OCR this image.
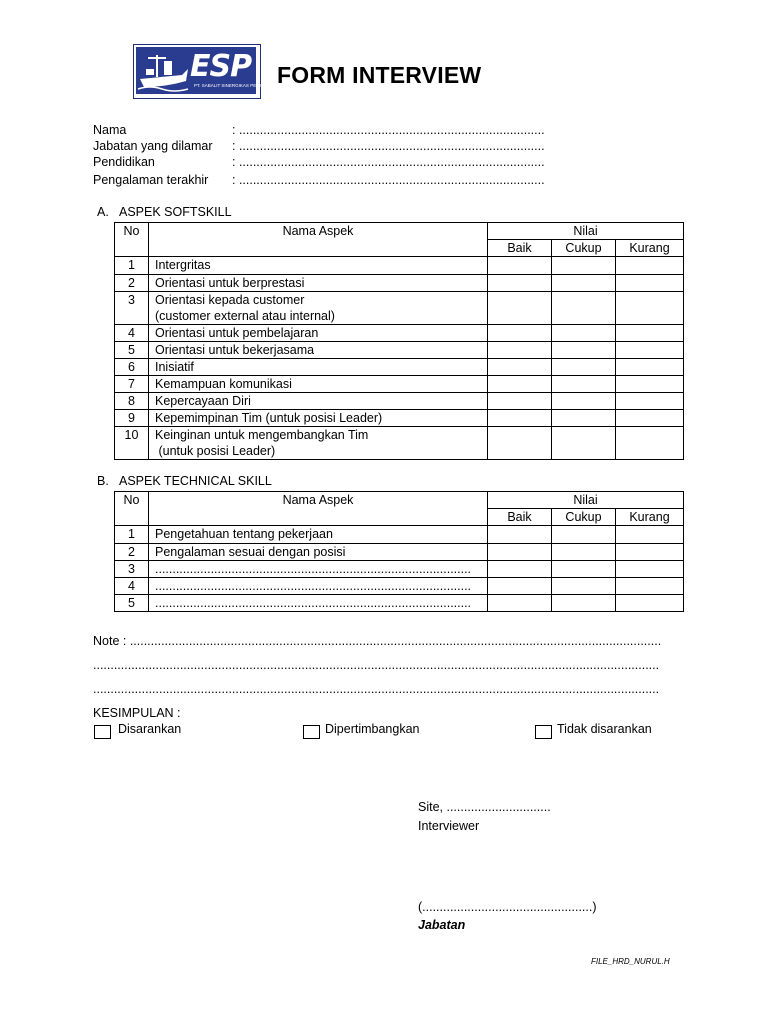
ESP
PT. SABALIT SINERGIKAS PERSADA FORM INTERVIEW
Nama	: ........................................................................................
Jabatan yang dilamar : ........................................................................................
Pendidikan	: ........................................................................................
Pengalaman terakhir : ........................................................................................
A. ASPEK SOFTSKILL
No	Nama Aspek	Nilai		
		Baik	Cukup	Kurang
1	Intergritas			

2	Orientasi untuk berprestasi			

3	Orientasi kepada customer
(customer external atau internal)			

4	Orientasi untuk pembelajaran			

5	Orientasi untuk bekerjasama			

6	Inisiatif			

7	Kemampuan komunikasi			

8	Kepercayaan Diri			

9	Kepemimpinan Tim (untuk posisi Leader)			

10	Keinginan untuk mengembangkan Tim
(untuk posisi Leader)			

B. ASPEK TECHNICAL SKILL
No	Nama Aspek	Nilai		
		Baik	Cukup	Kurang
1	Pengetahuan tentang pekerjaan			
2	Pengalaman sesuai dengan posisi			
3	...........................................................................................			
4	...........................................................................................			
5	...........................................................................................			
Note : .........................................................................................................................................................
...................................................................................................................................................................
...................................................................................................................................................................
KESIMPULAN :
Disarankan	Dipertimbangkan	Tidak disarankan
Site, ..............................
Interviewer
(.................................................)
Jabatan
FILE_HRD_NURUL.H
